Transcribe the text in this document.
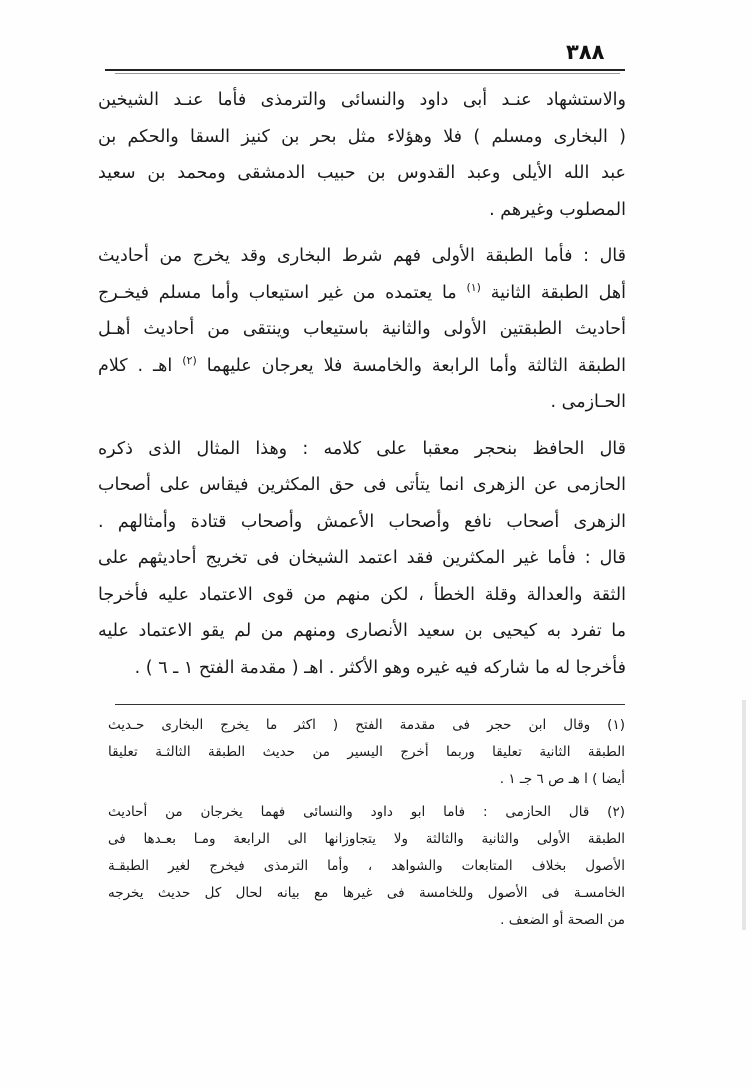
٣٨٨
والاستشهاد عنـد أبى داود والنسائى والترمذى فأما عنـد الشيخين
( البخارى ومسلم ) فلا وهؤلاء مثل بحر بن كنيز السقا والحكم بن
عبد الله الأيلى وعبد القدوس بن حبيب الدمشقى ومحمد بن سعيد
المصلوب وغيرهم .
قال : فأما الطبقة الأولى فهم شرط البخارى وقد يخرج من أحاديث
أهل الطبقة الثانية $^{(١)}$ ما يعتمده من غير استيعاب وأما مسلم فيخـرج
أحاديث الطبقتين الأولى والثانية باستيعاب وينتقى من أحاديث أهـل
الطبقة الثالثة وأما الرابعة والخامسة فلا يعرجان عليهما $^{(٢)}$ اهـ . كلام
الحـازمى .
قال الحافظ بنحجر معقبا على كلامه : وهذا المثال الذى ذكره
الحازمى عن الزهرى انما يتأتى فى حق المكثرين فيقاس على أصحاب
الزهرى أصحاب نافع وأصحاب الأعمش وأصحاب قتادة وأمثالهم .
قال : فأما غير المكثرين فقد اعتمد الشيخان فى تخريج أحاديثهم على
الثقة والعدالة وقلة الخطأ ، لكن منهم من قوى الاعتماد عليه فأخرجا
ما تفرد به كيحيى بن سعيد الأنصارى ومنهم من لم يقو الاعتماد عليه
فأخرجا له ما شاركه فيه غيره وهو الأكثر . اهـ ( مقدمة الفتح ١ ـ ٦ ) .
(١) وقال ابن حجر فى مقدمة الفتح ( اكثر ما يخرج البخارى حـديث
الطبقة الثانية تعليقا وربما أخرج اليسير من حديث الطبقة الثالثـة تعليقا
أيضا ) ا هـ ص ٦ جـ ١ .
(٢) قال الحازمى : فاما ابو داود والنسائى فهما يخرجان من أحاديث
الطبقة الأولى والثانية والثالثة ولا يتجاوزانها الى الرابعة ومـا بعـدها فى
الأصول بخلاف المتابعات والشواهد ، وأما الترمذى فيخرج لغير الطبقـة
الخامسـة فى الأصول وللخامسة فى غيرها مع بيانه لحال كل حديث يخرجه
من الصحة أو الضعف .
